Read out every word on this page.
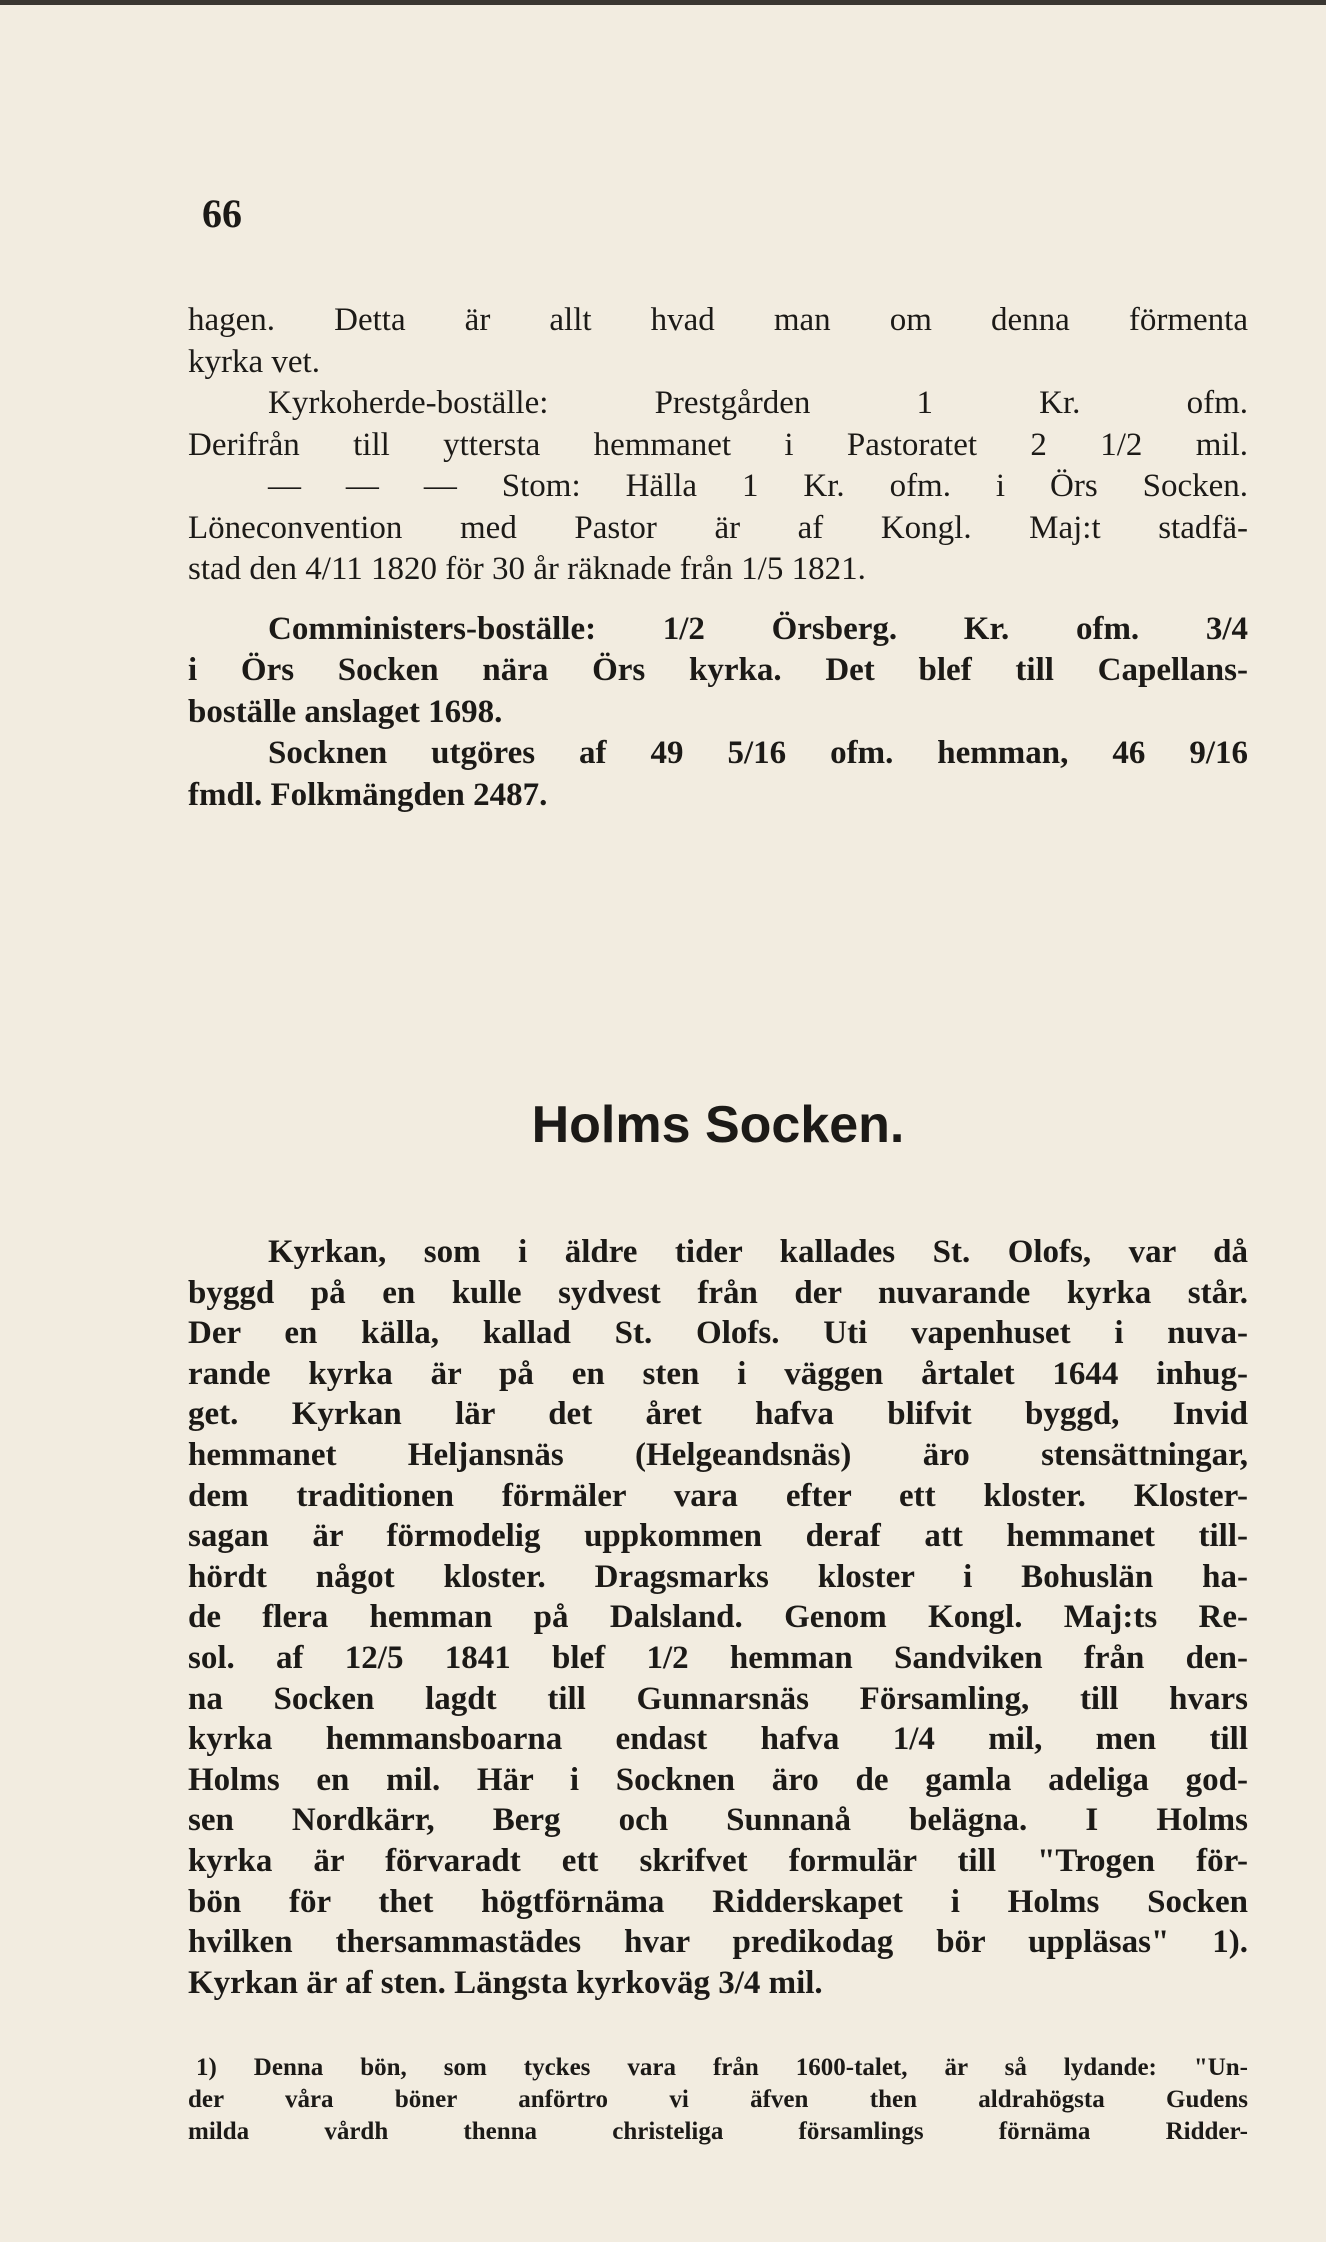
66
hagen. Detta är allt hvad man om denna förmenta
kyrka vet.
Kyrkoherde-boställe: Prestgården 1 Kr. ofm.
Derifrån till yttersta hemmanet i Pastoratet 2 1/2 mil.
— — — Stom: Hälla 1 Kr. ofm. i Örs Socken.
Löneconvention med Pastor är af Kongl. Maj:t stadfä-
stad den 4/11 1820 för 30 år räknade från 1/5 1821.
Comministers-boställe: 1/2 Örsberg. Kr. ofm. 3/4
i Örs Socken nära Örs kyrka. Det blef till Capellans-
boställe anslaget 1698.
Socknen utgöres af 49 5/16 ofm. hemman, 46 9/16
fmdl. Folkmängden 2487.
Holms Socken.
Kyrkan, som i äldre tider kallades St. Olofs, var då
byggd på en kulle sydvest från der nuvarande kyrka står.
Der en källa, kallad St. Olofs. Uti vapenhuset i nuva-
rande kyrka är på en sten i väggen årtalet 1644 inhug-
get. Kyrkan lär det året hafva blifvit byggd, Invid
hemmanet Heljansnäs (Helgeandsnäs) äro stensättningar,
dem traditionen förmäler vara efter ett kloster. Kloster-
sagan är förmodelig uppkommen deraf att hemmanet till-
hördt något kloster. Dragsmarks kloster i Bohuslän ha-
de flera hemman på Dalsland. Genom Kongl. Maj:ts Re-
sol. af 12/5 1841 blef 1/2 hemman Sandviken från den-
na Socken lagdt till Gunnarsnäs Församling, till hvars
kyrka hemmansboarna endast hafva 1/4 mil, men till
Holms en mil. Här i Socknen äro de gamla adeliga god-
sen Nordkärr, Berg och Sunnanå belägna. I Holms
kyrka är förvaradt ett skrifvet formulär till "Trogen för-
bön för thet högtförnäma Ridderskapet i Holms Socken
hvilken thersammastädes hvar predikodag bör uppläsas" 1).
Kyrkan är af sten. Längsta kyrkoväg 3/4 mil.
1) Denna bön, som tyckes vara från 1600-talet, är så lydande: "Un-
der våra böner anförtro vi äfven then aldrahögsta Gudens
milda vårdh thenna christeliga församlings förnäma Ridder-
